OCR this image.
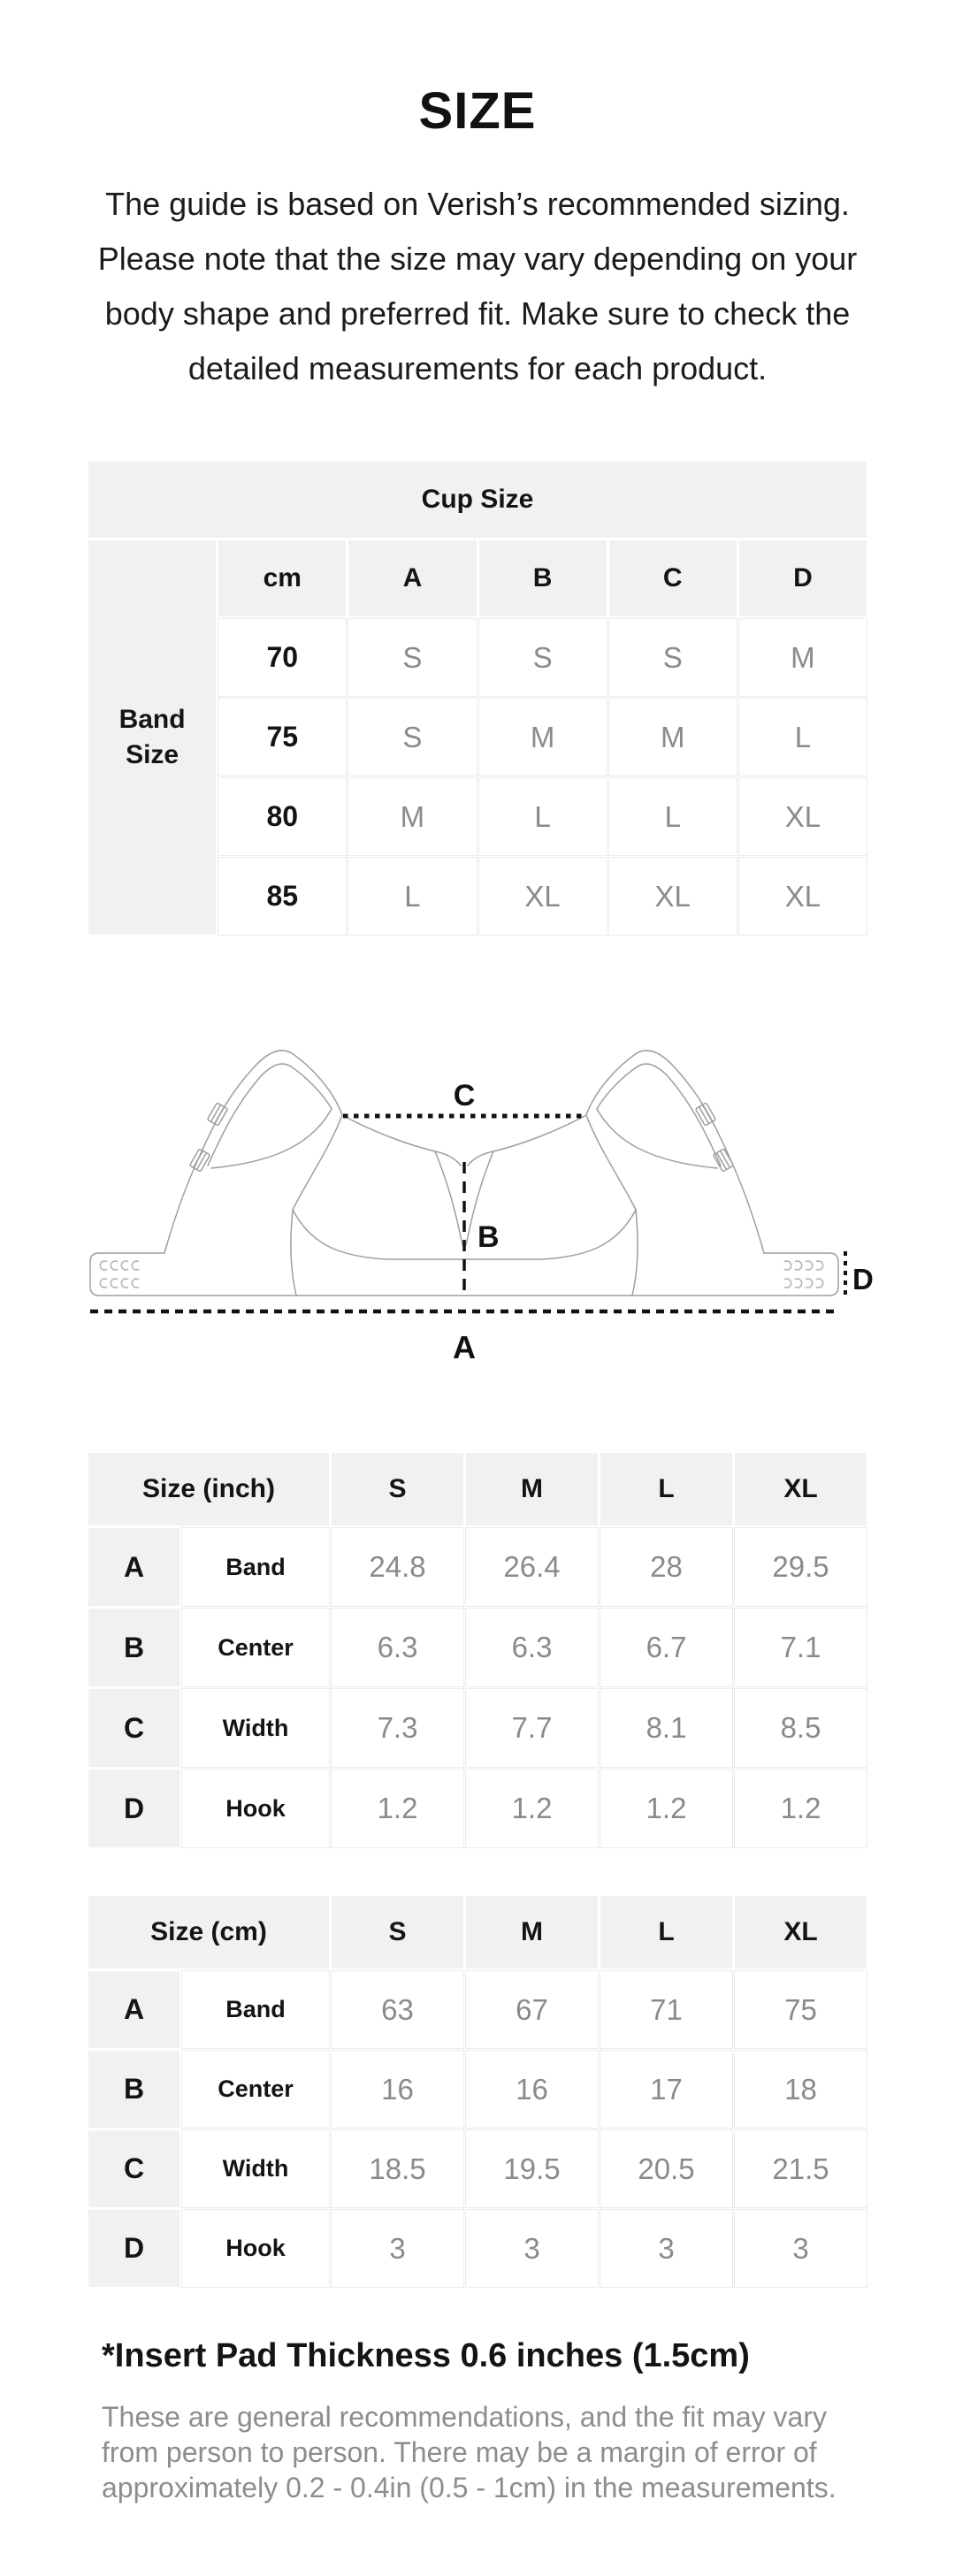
SIZE
The guide is based on Verish’s recommended sizing.
Please note that the size may vary depending on your
body shape and preferred fit. Make sure to check the
detailed measurements for each product.
Cup Size
Band Size
cm	A	B	C	D
70	S	S	S	M
75	S	M	M	L
80	M	L	L	XL
85	L	XL	XL	XL
C
B
D
A
Size (inch)	S	M	L	XL
A	Band	24.8	26.4	28	29.5
B	Center	6.3	6.3	6.7	7.1
C	Width	7.3	7.7	8.1	8.5
D	Hook	1.2	1.2	1.2	1.2
Size (cm)	S	M	L	XL
A	Band	63	67	71	75
B	Center	16	16	17	18
C	Width	18.5	19.5	20.5	21.5
D	Hook	3	3	3	3
*Insert Pad Thickness 0.6 inches (1.5cm)
These are general recommendations, and the fit may vary
from person to person. There may be a margin of error of
approximately 0.2 - 0.4in (0.5 - 1cm) in the measurements.
